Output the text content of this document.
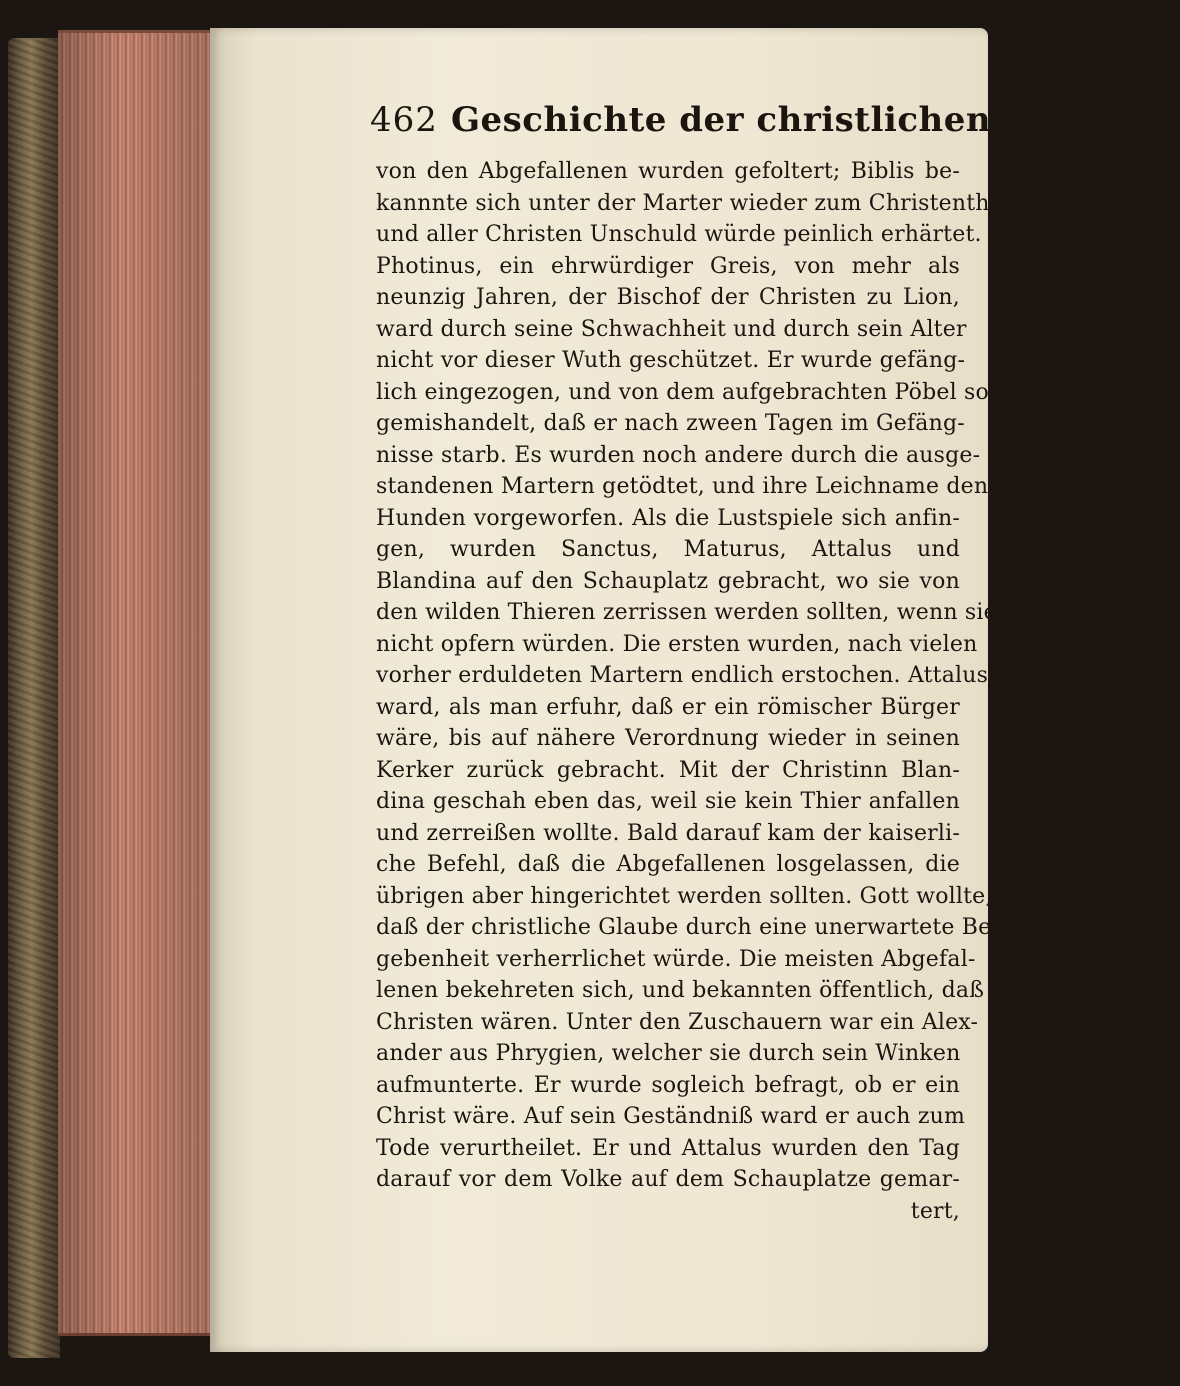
462 Geschichte der christlichen Religion.
von den Abgefallenen wurden gefoltert; Biblis be-
kannnte sich unter der Marter wieder zum Christenthum,
und aller Christen Unschuld würde peinlich erhärtet.
Photinus, ein ehrwürdiger Greis, von mehr als
neunzig Jahren, der Bischof der Christen zu Lion,
ward durch seine Schwachheit und durch sein Alter
nicht vor dieser Wuth geschützet. Er wurde gefäng-
lich eingezogen, und von dem aufgebrachten Pöbel so
gemishandelt, daß er nach zween Tagen im Gefäng-
nisse starb. Es wurden noch andere durch die ausge-
standenen Martern getödtet, und ihre Leichname den
Hunden vorgeworfen. Als die Lustspiele sich anfin-
gen, wurden Sanctus, Maturus, Attalus und
Blandina auf den Schauplatz gebracht, wo sie von
den wilden Thieren zerrissen werden sollten, wenn sie
nicht opfern würden. Die ersten wurden, nach vielen
vorher erduldeten Martern endlich erstochen. Attalus
ward, als man erfuhr, daß er ein römischer Bürger
wäre, bis auf nähere Verordnung wieder in seinen
Kerker zurück gebracht. Mit der Christinn Blan-
dina geschah eben das, weil sie kein Thier anfallen
und zerreißen wollte. Bald darauf kam der kaiserli-
che Befehl, daß die Abgefallenen losgelassen, die
übrigen aber hingerichtet werden sollten. Gott wollte,
daß der christliche Glaube durch eine unerwartete Be-
gebenheit verherrlichet würde. Die meisten Abgefal-
lenen bekehreten sich, und bekannten öffentlich, daß sie
Christen wären. Unter den Zuschauern war ein Alex-
ander aus Phrygien, welcher sie durch sein Winken
aufmunterte. Er wurde sogleich befragt, ob er ein
Christ wäre. Auf sein Geständniß ward er auch zum
Tode verurtheilet. Er und Attalus wurden den Tag
darauf vor dem Volke auf dem Schauplatze gemar-
tert,
